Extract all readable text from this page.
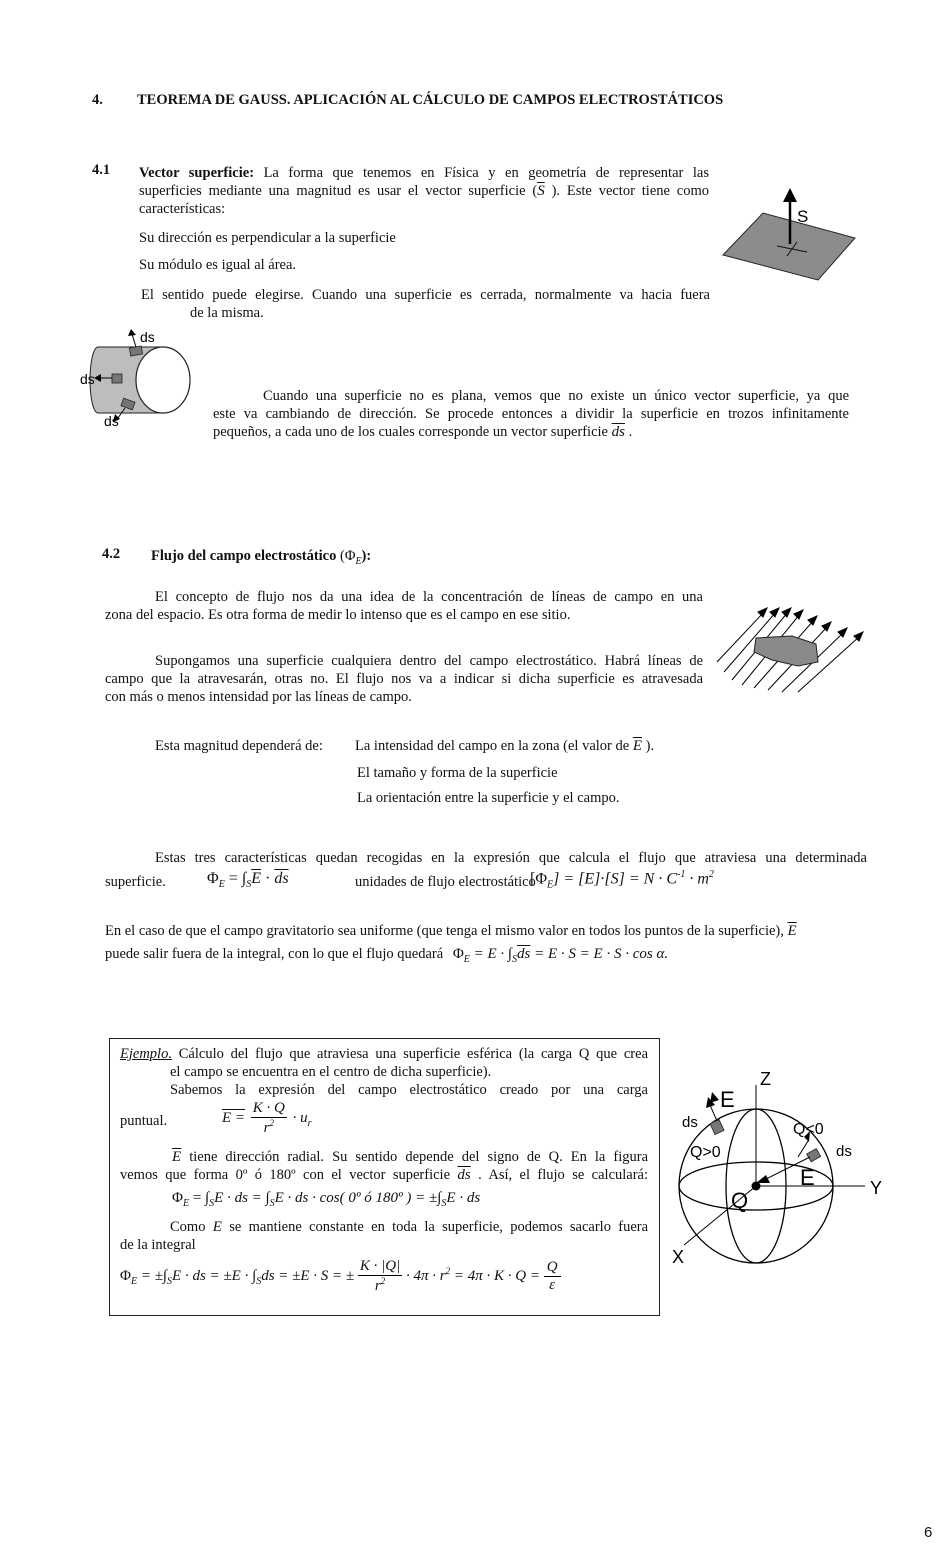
4. TEOREMA DE GAUSS. APLICACIÓN AL CÁLCULO DE CAMPOS ELECTROSTÁTICOS
4.1 Vector superficie: La forma que tenemos en Física y en geometría de representar las
superficies mediante una magnitud es usar el vector superficie ($\overline{S}$ ). Este vector tiene como
características:
Su dirección es perpendicular a la superficie
Su módulo es igual al área.
El sentido puede elegirse. Cuando una superficie es cerrada, normalmente va hacia fuera
de la misma.
S
ds
ds
ds
Cuando una superficie no es plana, vemos que no existe un único vector superficie, ya que
este va cambiando de dirección. Se procede entonces a dividir la superficie en trozos infinitamente
pequeños, a cada uno de los cuales corresponde un vector superficie $\overline{ds}$ .
4.2 Flujo del campo electrostático $(\Phi_E)$:
El concepto de flujo nos da una idea de la concentración de líneas de campo en una
zona del espacio. Es otra forma de medir lo intenso que es el campo en ese sitio.
Supongamos una superficie cualquiera dentro del campo electrostático. Habrá líneas de
campo que la atravesarán, otras no. El flujo nos va a indicar si dicha superficie es atravesada
con más o menos intensidad por las líneas de campo.
Esta magnitud dependerá de: La intensidad del campo en la zona (el valor de $\overline{E}$ ).
El tamaño y forma de la superficie
La orientación entre la superficie y el campo.
Estas tres características quedan recogidas en la expresión que calcula el flujo que atraviesa una determinada
superficie.	$\Phi_E = \int_S\overline{E} \cdot \overline{ds}$	unidades de flujo electrostático
$[\Phi_E] = [E]\cdot[S] = N \cdot C^{-1} \cdot m^2$
En el caso de que el campo gravitatorio sea uniforme (que tenga el mismo valor en todos los puntos de la superficie), $\overline{E}$
puede salir fuera de la integral, con lo que el flujo quedará $\Phi_E = E \cdot \int_S\overline{ds} = E \cdot S = E \cdot S \cdot \cos \alpha$.
Ejemplo. Cálculo del flujo que atraviesa una superficie esférica (la carga Q que crea
el campo se encuentra en el centro de dicha superficie).
Sabemos la expresión del campo electrostático creado por una carga
puntual.	$E = \frac{K \cdot Q}{r^2} \cdot u_r$
$\overline{E}$ tiene dirección radial. Su sentido depende del signo de Q. En la figura
vemos que forma 0º ó 180º con el vector superficie $\overline{ds}$ . Así, el flujo se calculará:
$\Phi_E = \int_SE$ · ds = $\int_SE$ · ds · cos( 0º ó 180º ) = $\pm\int_SE$ · ds
Como E se mantiene constante en toda la superficie, podemos sacarlo fuera
de la integral
$\Phi_E = \pm\int_SE$ · ds = $\pm E \cdot \int_Sds = \pm E \cdot S$ = ± $\frac{K \cdot |Q|}{r^2} \cdot 4\pi \cdot r^2 = 4\pi \cdot K \cdot Q = \frac{Q}{\varepsilon}$
Z
Y
X
E
E
ds
ds
Q>0
Q<0
Q
6
